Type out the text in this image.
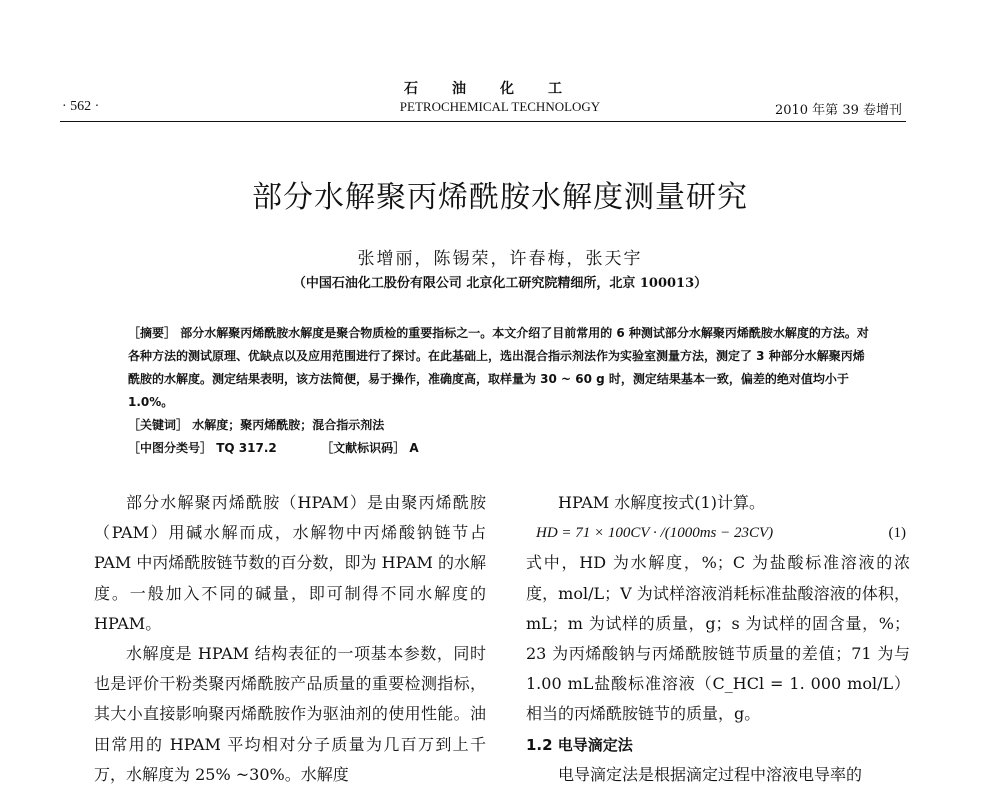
石油化工
· 562 ·	PETROCHEMICAL TECHNOLOGY	2010 年第 39 卷增刊
部分水解聚丙烯酰胺水解度测量研究
张增丽，陈锡荣，许春梅，张天宇
（中国石油化工股份有限公司 北京化工研究院精细所，北京 100013）

［摘要］ 部分水解聚丙烯酰胺水解度是聚合物质检的重要指标之一。本文介绍了目前常用的 6 种测试部分水解聚丙烯酰胺水解度的方法。对各种方法的测试原理、优缺点以及应用范围进行了探讨。在此基础上，选出混合指示剂法作为实验室测量方法，测定了 3 种部分水解聚丙烯酰胺的水解度。测定结果表明，该方法简便，易于操作，准确度高，取样量为 30 ~ 60 g 时，测定结果基本一致，偏差的绝对值均小于 1.0%。

［关键词］ 水解度；聚丙烯酰胺；混合指示剂法

［中图分类号］ TQ 317.2	［文献标识码］ A

部分水解聚丙烯酰胺（HPAM）是由聚丙烯酰胺（PAM）用碱水解而成，水解物中丙烯酸钠链节占 PAM 中丙烯酰胺链节数的百分数，即为 HPAM 的水解度。一般加入不同的碱量，即可制得不同水解度的 HPAM。

水解度是 HPAM 结构表征的一项基本参数，同时也是评价干粉类聚丙烯酰胺产品质量的重要检测指标，其大小直接影响聚丙烯酰胺作为驱油剂的使用性能。油田常用的 HPAM 平均相对分子质量为几百万到上千万，水解度为 25% ~30%。水解度

HPAM 水解度按式(1)计算。

HD = 71 × 100CV · /(1000ms − 23CV)	(1)

式中，HD 为水解度，%；C 为盐酸标准溶液的浓度，mol/L；V 为试样溶液消耗标准盐酸溶液的体积，mL；m 为试样的质量，g；s 为试样的固含量，%；23 为丙烯酸钠与丙烯酰胺链节质量的差值；71 为与 1.00 mL盐酸标准溶液（C_HCl = 1. 000 mol/L）相当的丙烯酰胺链节的质量，g。

1.2 电导滴定法

电导滴定法是根据滴定过程中溶液电导率的
